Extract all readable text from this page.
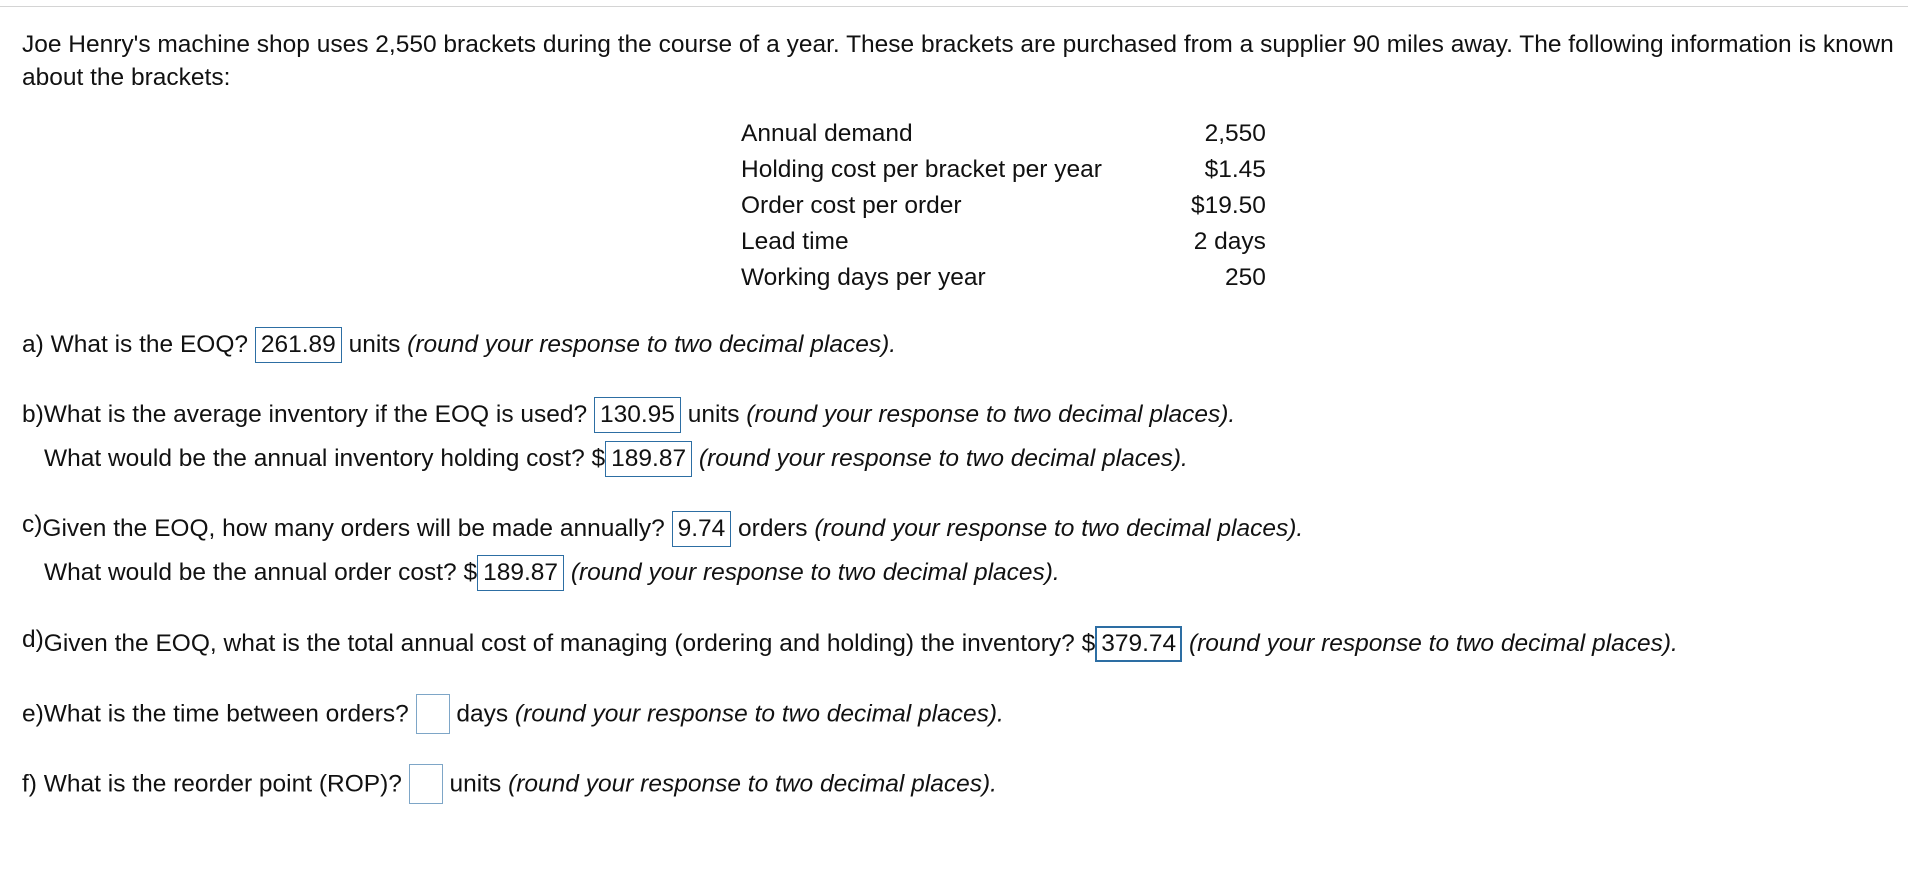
Joe Henry's machine shop uses 2,550 brackets during the course of a year. These brackets are purchased from a supplier 90 miles away. The following information is known about the brackets:

Annual demand	2,550
Holding cost per bracket per year	$1.45
Order cost per order	$19.50
Lead time	2 days
Working days per year	250
a) What is the EOQ? 261.89 units (round your response to two decimal places).
b)What is the average inventory if the EOQ is used? 130.95 units (round your response to two decimal places).
What would be the annual inventory holding cost? $ 189.87 (round your response to two decimal places).
c)Given the EOQ, how many orders will be made annually? 9.74 orders (round your response to two decimal places).
What would be the annual order cost? $ 189.87 (round your response to two decimal places).
d)Given the EOQ, what is the total annual cost of managing (ordering and holding) the inventory? $ 379.74 (round your response to two decimal places).
e)What is the time between orders?  days (round your response to two decimal places).
f) What is the reorder point (ROP)?  units (round your response to two decimal places).
